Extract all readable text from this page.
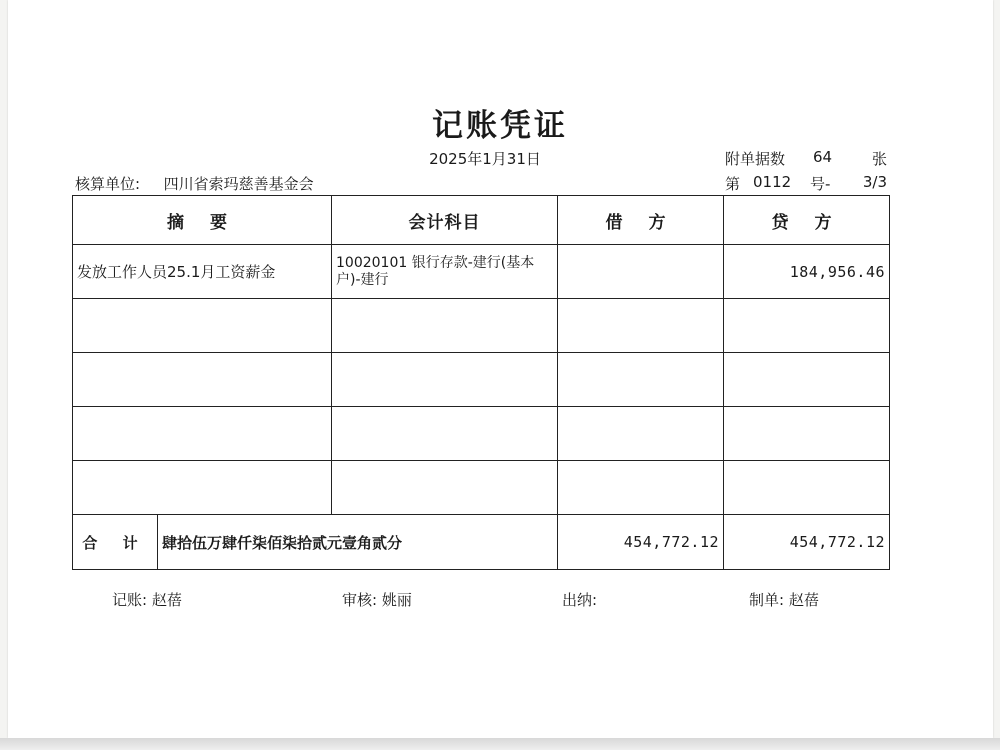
记账凭证
2025年1月31日
核算单位: 四川省索玛慈善基金会
附单据数 64	张
第 0112 号- 3/3
摘 要		会计科目	借 方	贷 方
发放工作人员25.1月工资薪金		10020101 银行存款-建行(基本户)-建行		184,956.46

合 计	肆拾伍万肆仟柒佰柒拾贰元壹角贰分		454,772.12	454,772.12
记账: 赵蓓	审核: 姚丽	出纳:	制单: 赵蓓
